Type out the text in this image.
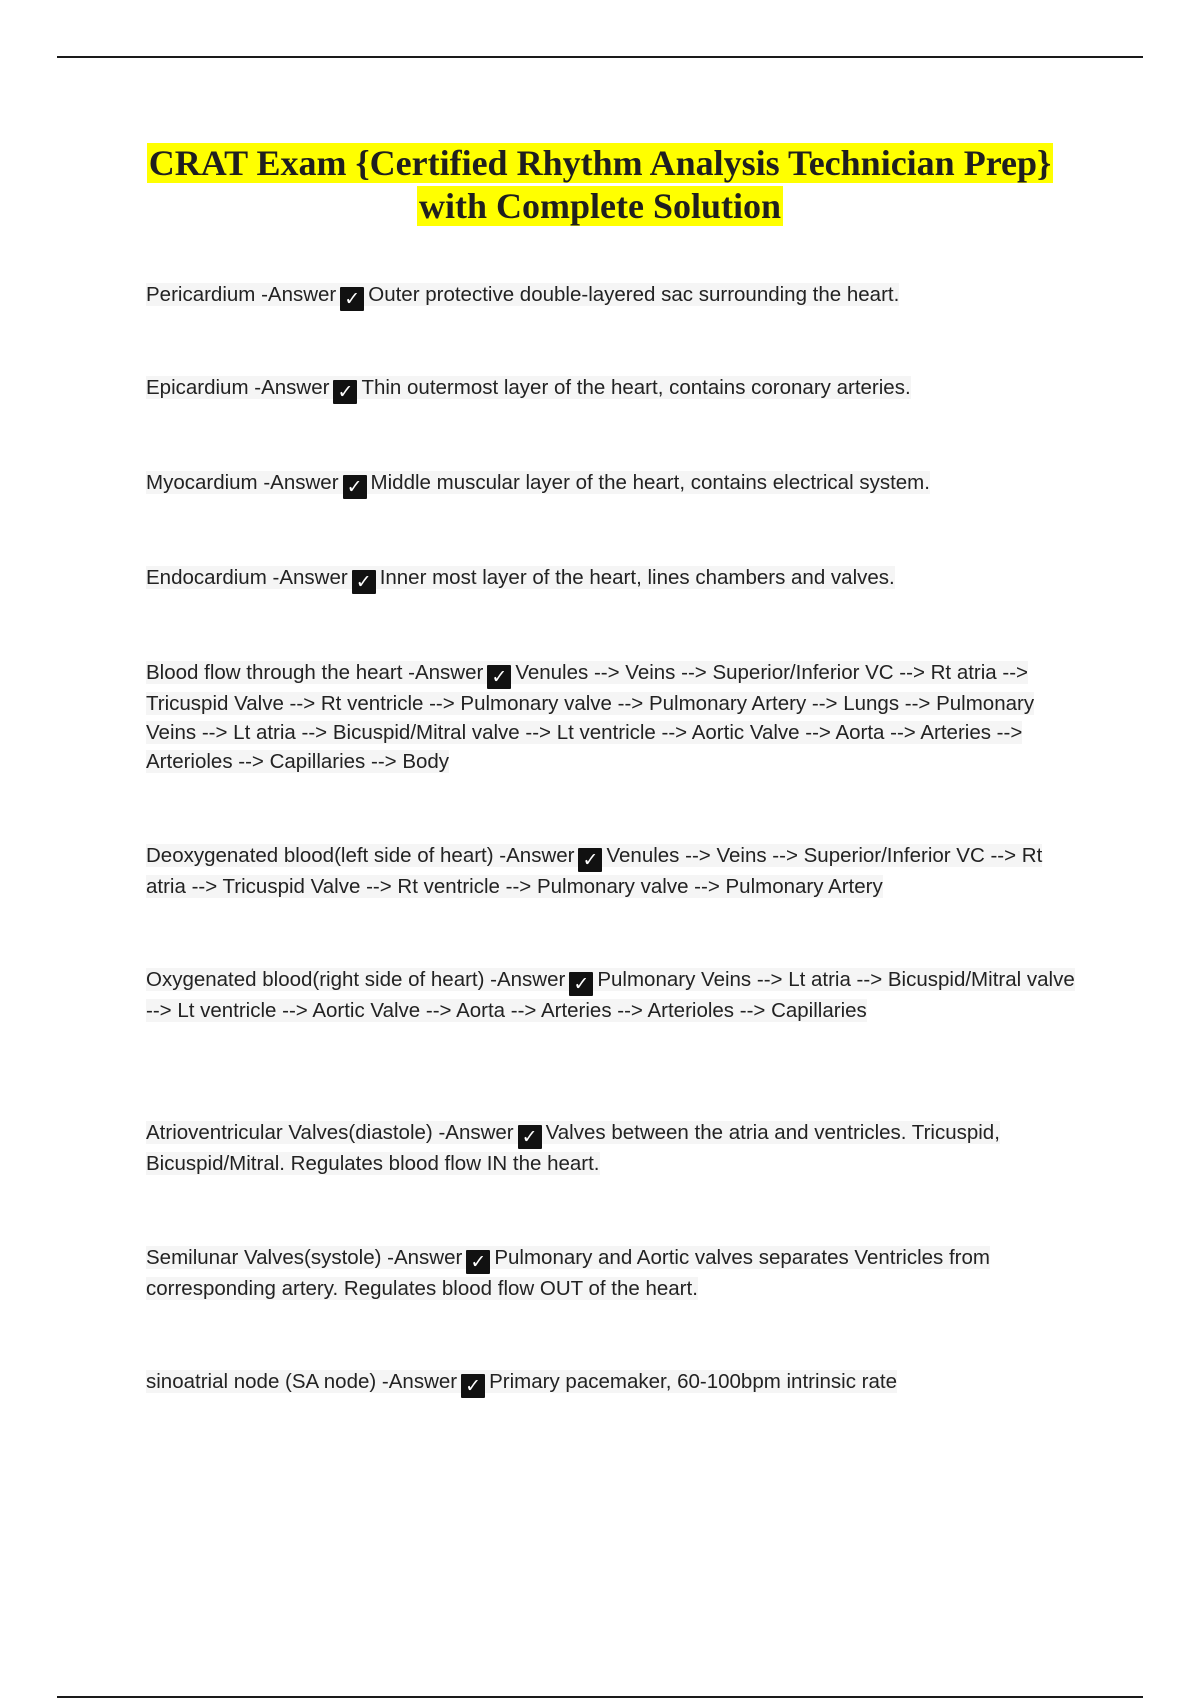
CRAT Exam {Certified Rhythm Analysis Technician Prep}
with Complete Solution
Pericardium -Answer ✓ Outer protective double-layered sac surrounding the heart.
Epicardium -Answer ✓ Thin outermost layer of the heart, contains coronary arteries.
Myocardium -Answer ✓ Middle muscular layer of the heart, contains electrical system.
Endocardium -Answer ✓ Inner most layer of the heart, lines chambers and valves.
Blood flow through the heart -Answer ✓ Venules --> Veins --> Superior/Inferior VC --> Rt atria --> Tricuspid Valve --> Rt ventricle --> Pulmonary valve --> Pulmonary Artery --> Lungs --> Pulmonary Veins --> Lt atria --> Bicuspid/Mitral valve --> Lt ventricle --> Aortic Valve --> Aorta --> Arteries --> Arterioles --> Capillaries --> Body
Deoxygenated blood(left side of heart) -Answer ✓ Venules --> Veins --> Superior/Inferior VC --> Rt atria --> Tricuspid Valve --> Rt ventricle --> Pulmonary valve --> Pulmonary Artery
Oxygenated blood(right side of heart) -Answer ✓ Pulmonary Veins --> Lt atria --> Bicuspid/Mitral valve --> Lt ventricle --> Aortic Valve --> Aorta --> Arteries --> Arterioles --> Capillaries
Atrioventricular Valves(diastole) -Answer ✓ Valves between the atria and ventricles. Tricuspid, Bicuspid/Mitral. Regulates blood flow IN the heart.
Semilunar Valves(systole) -Answer ✓ Pulmonary and Aortic valves separates Ventricles from corresponding artery. Regulates blood flow OUT of the heart.
sinoatrial node (SA node) -Answer ✓ Primary pacemaker, 60-100bpm intrinsic rate
